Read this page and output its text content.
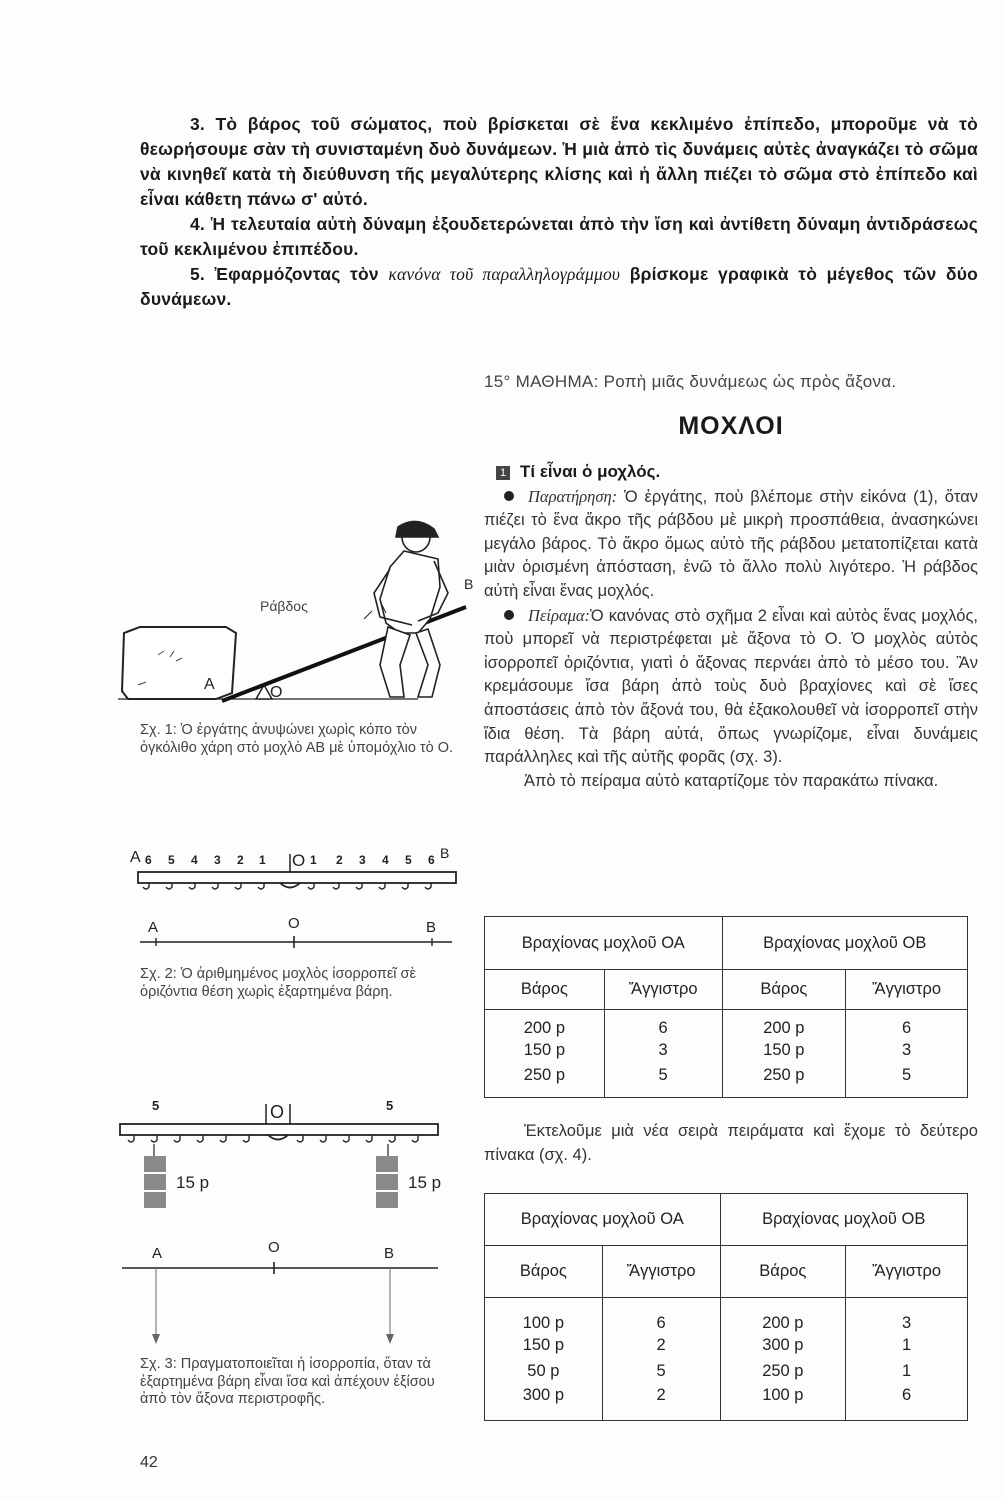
3. Τὸ βάρος τοῦ σώματος, ποὺ βρίσκεται σὲ ἕνα κεκλιμένο ἐπίπεδο, μποροῦμε νὰ τὸ θεωρήσουμε σὰν τὴ συνισταμένη δυὸ δυνάμεων. Ἡ μιὰ ἀπὸ τὶς δυνάμεις αὐτὲς ἀναγκάζει τὸ σῶμα νὰ κινηθεῖ κατὰ τὴ διεύθυνση τῆς μεγαλύτερης κλίσης καὶ ἡ ἄλλη πιέζει τὸ σῶμα στὸ ἐπίπεδο καὶ εἶναι κάθετη πάνω σ' αὐτό.

4. Ἡ τελευταία αὐτὴ δύναμη ἐξουδετερώνεται ἀπὸ τὴν ἴση καὶ ἀντίθετη δύναμη ἀντιδράσεως τοῦ κεκλιμένου ἐπιπέδου.

5. Ἐφαρμόζοντας τὸν κανόνα τοῦ παραλληλογράμμου βρίσκομε γραφικὰ τὸ μέγεθος τῶν δύο δυνάμεων.

15° ΜΑΘΗΜΑ: Ροπὴ μιᾶς δυνάμεως ὡς πρὸς ἄξονα.
ΜΟΧΛΟΙ

1 Τί εἶναι ὁ μοχλός.

Παρατήρηση: Ὁ ἐργάτης, ποὺ βλέπομε στὴν εἰκόνα (1), ὅταν πιέζει τὸ ἕνα ἄκρο τῆς ράβδου μὲ μικρὴ προσπάθεια, ἀνασηκώνει μεγάλο βάρος. Τὸ ἄκρο ὅμως αὐτὸ τῆς ράβδου μετατοπίζεται κατὰ μιὰν ὁρισμένη ἀπόσταση, ἐνῶ τὸ ἄλλο πολὺ λιγότερο. Ἡ ράβδος αὐτὴ εἶναι ἕνας μοχλός.

Πείραμα:Ὁ κανόνας στὸ σχῆμα 2 εἶναι καὶ αὐτὸς ἕνας μοχλός, ποὺ μπορεῖ νὰ περιστρέφεται μὲ ἄξονα τὸ Ο. Ὁ μοχλὸς αὐτὸς ἰσορροπεῖ ὁριζόντια, γιατὶ ὁ ἄξονας περνάει ἀπὸ τὸ μέσο του. Ἂν κρεμάσουμε ἴσα βάρη ἀπὸ τοὺς δυὸ βραχίονες καὶ σὲ ἴσες ἀποστάσεις ἀπὸ τὸν ἄξονά του, θὰ ἐξακολουθεῖ νὰ ἰσορροπεῖ στὴν ἴδια θέση. Τὰ βάρη αὐτά, ὅπως γνωρίζομε, εἶναι δυνάμεις παράλληλες καὶ τῆς αὐτῆς φορᾶς (σχ. 3).

Ἀπὸ τὸ πείραμα αὐτὸ καταρτίζομε τὸν παρακάτω πίνακα.

Βραχίονας μοχλοῦ ΟΑ		Βραχίονας μοχλοῦ ΟΒ	
Βάρος	Ἄγγιστρο	Βάρος	Ἄγγιστρο
200 p	6	200 p	6
150 p	3	150 p	3
250 p	5	250 p	5

Ἐκτελοῦμε μιὰ νέα σειρὰ πειράματα καὶ ἔχομε τὸ δεύτερο πίνακα (σχ. 4).

Βραχίονας μοχλοῦ ΟΑ		Βραχίονας μοχλοῦ ΟΒ	
Βάρος	Ἄγγιστρο	Βάρος	Ἄγγιστρο
100 p	6	200 p	3
150 p	2	300 p	1
50 p	5	250 p	1
300 p	2	100 p	6
Ράβδος
A
B
O
Σχ. 1: Ὁ ἐργάτης ἀνυψώνει χωρὶς κόπο τὸν ὀγκόλιθο χάρη στὸ μοχλὸ ΑΒ μὲ ὑπομόχλιο τὸ Ο.
A 6 5 4 3 2 1 O 1 2 3 4 5 6 B
A	O	B
Σχ. 2: Ὁ ἀριθμημένος μοχλὸς ἰσορροπεῖ σὲ ὁριζόντια θέση χωρὶς ἐξαρτημένα βάρη.
5	O	5
15 p	15 p
A	O	B
Σχ. 3: Πραγματοποιεῖται ἡ ἰσορροπία, ὅταν τὰ ἐξαρτημένα βάρη εἶναι ἴσα καὶ ἀπέχουν ἐξίσου ἀπὸ τὸν ἄξονα περιστροφῆς.
42
